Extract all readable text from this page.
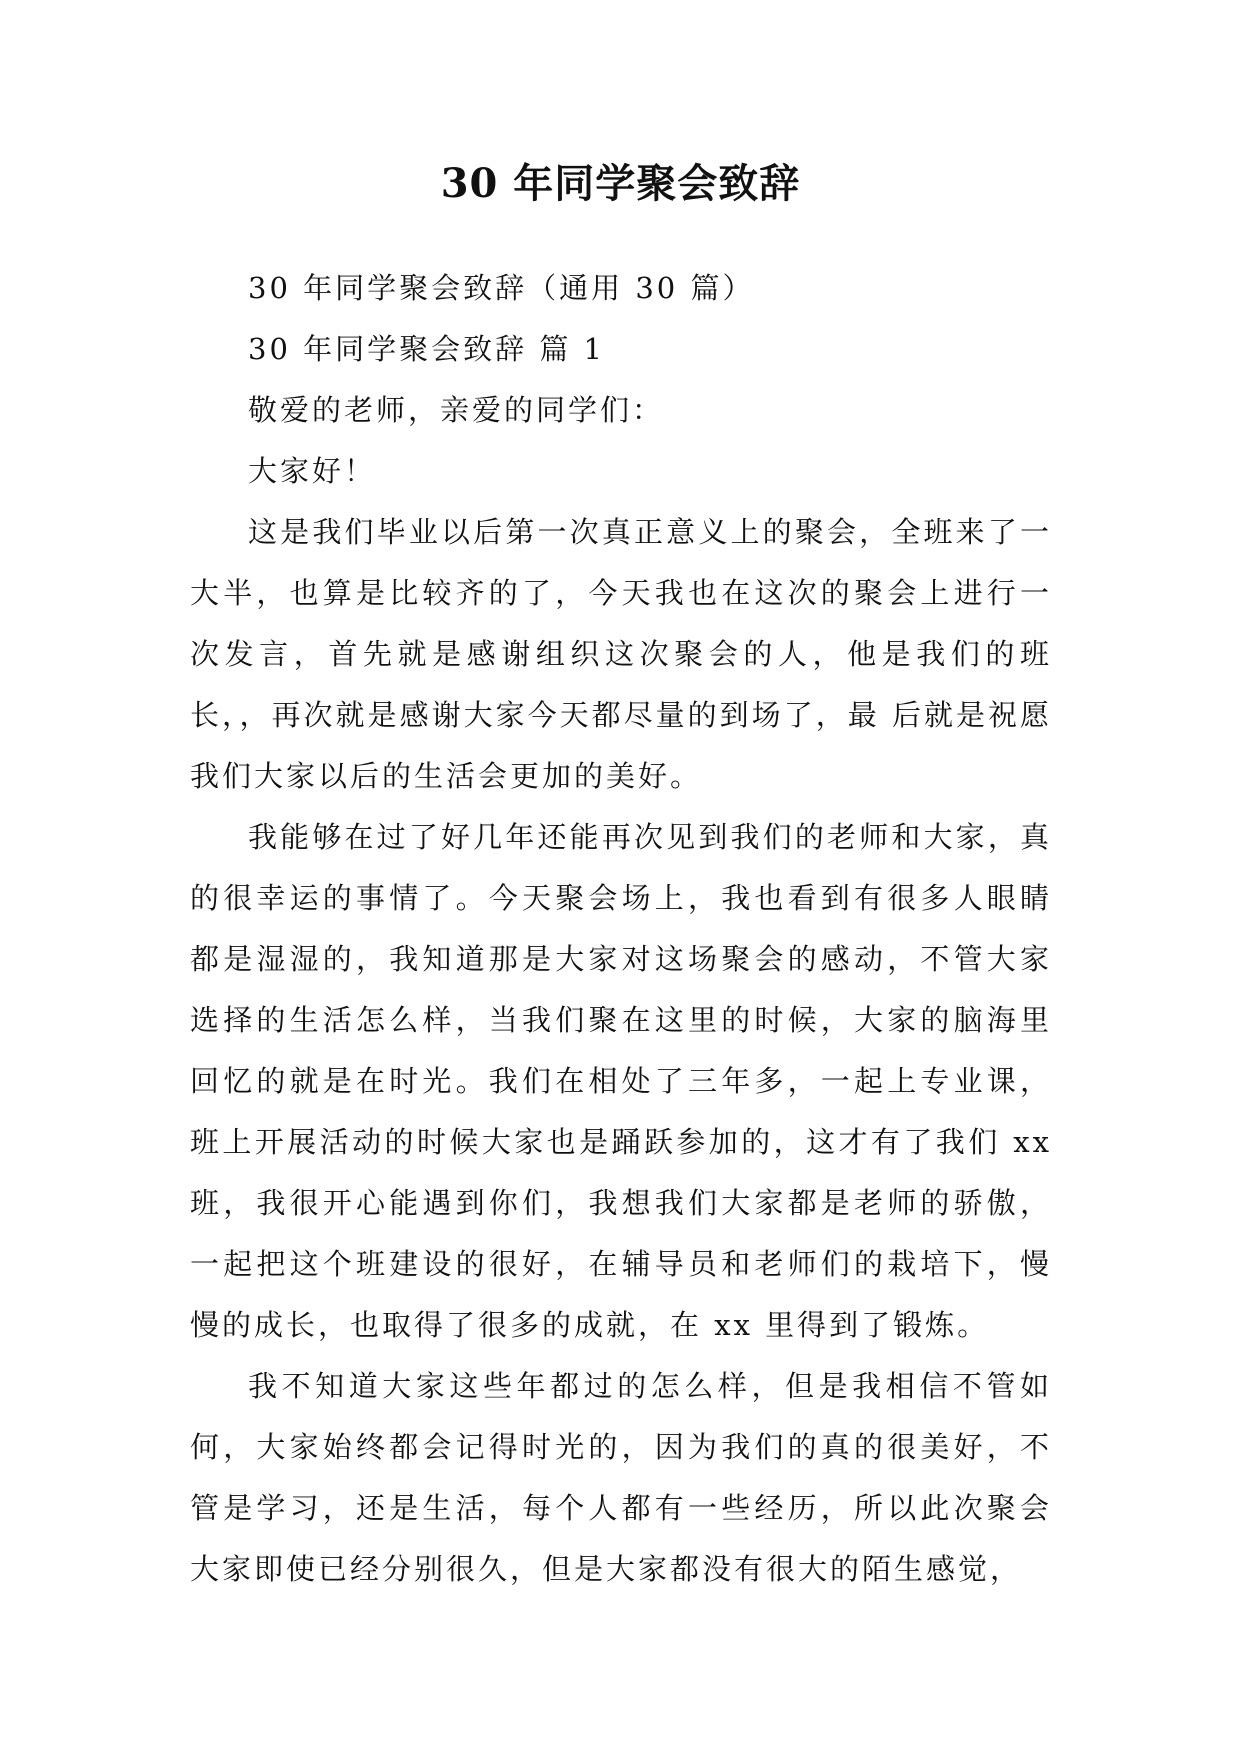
30 年同学聚会致辞

30 年同学聚会致辞（通用 30 篇）

30 年同学聚会致辞 篇 1

敬爱的老师，亲爱的同学们：

大家好！

这是我们毕业以后第一次真正意义上的聚会，全班来了一大半，也算是比较齐的了，今天我也在这次的聚会上进行一次发言，首先就是感谢组织这次聚会的人，他是我们的班长，，再次就是感谢大家今天都尽量的到场了，最 后就是祝愿我们大家以后的生活会更加的美好。

我能够在过了好几年还能再次见到我们的老师和大家，真的很幸运的事情了。今天聚会场上，我也看到有很多人眼睛都是湿湿的，我知道那是大家对这场聚会的感动，不管大家选择的生活怎么样，当我们聚在这里的时候，大家的脑海里回忆的就是在时光。我们在相处了三年多，一起上专业课，班上开展活动的时候大家也是踊跃参加的，这才有了我们 xx 班，我很开心能遇到你们，我想我们大家都是老师的骄傲，一起把这个班建设的很好，在辅导员和老师们的栽培下，慢慢的成长，也取得了很多的成就，在 xx 里得到了锻炼。

我不知道大家这些年都过的怎么样，但是我相信不管如何，大家始终都会记得时光的，因为我们的真的很美好，不管是学习，还是生活，每个人都有一些经历，所以此次聚会大家即使已经分别很久，但是大家都没有很大的陌生感觉，
